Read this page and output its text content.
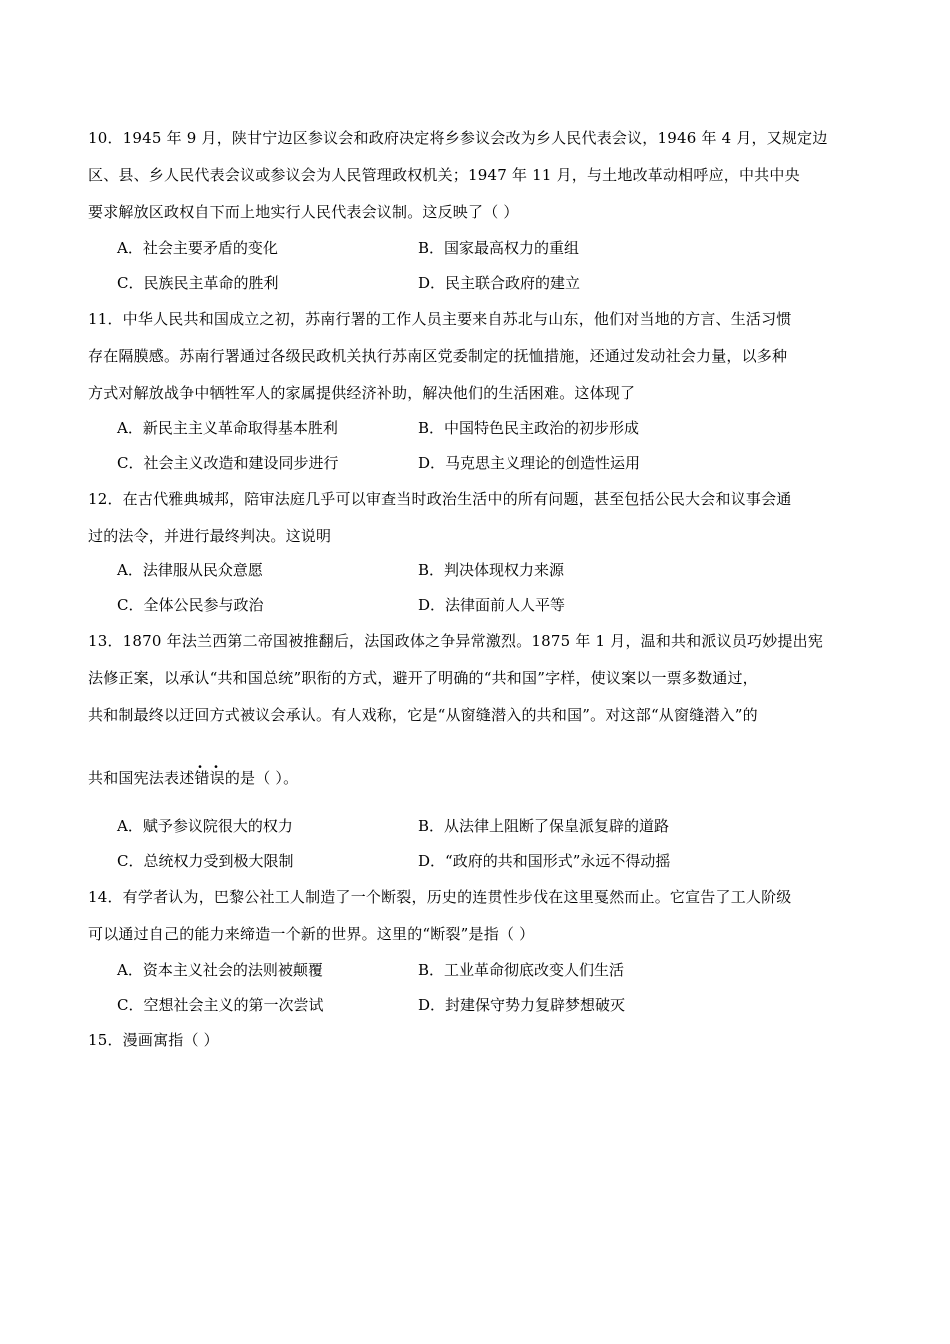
10．1945 年 9 月，陕甘宁边区参议会和政府决定将乡参议会改为乡人民代表会议，1946 年 4 月，又规定边
区、县、乡人民代表会议或参议会为人民管理政权机关；1947 年 11 月，与土地改革动相呼应，中共中央
要求解放区政权自下而上地实行人民代表会议制。这反映了（ ）
A．社会主要矛盾的变化	B．国家最高权力的重组
C．民族民主革命的胜利	D．民主联合政府的建立
11．中华人民共和国成立之初，苏南行署的工作人员主要来自苏北与山东，他们对当地的方言、生活习惯
存在隔膜感。苏南行署通过各级民政机关执行苏南区党委制定的抚恤措施，还通过发动社会力量，以多种
方式对解放战争中牺牲军人的家属提供经济补助，解决他们的生活困难。这体现了
A．新民主主义革命取得基本胜利	B．中国特色民主政治的初步形成
C．社会主义改造和建设同步进行	D．马克思主义理论的创造性运用
12．在古代雅典城邦，陪审法庭几乎可以审查当时政治生活中的所有问题，甚至包括公民大会和议事会通
过的法令，并进行最终判决。这说明
A．法律服从民众意愿	B．判决体现权力来源
C．全体公民参与政治	D．法律面前人人平等
13．1870 年法兰西第二帝国被推翻后，法国政体之争异常激烈。1875 年 1 月，温和共和派议员巧妙提出宪
法修正案，以承认“共和国总统”职衔的方式，避开了明确的“共和国”字样，使议案以一票多数通过，
共和制最终以迂回方式被议会承认。有人戏称，它是“从窗缝潜入的共和国”。对这部“从窗缝潜入”的
共和国宪法表述错误的是（ ）。
A．赋予参议院很大的权力	B．从法律上阻断了保皇派复辟的道路
C．总统权力受到极大限制	D．“政府的共和国形式”永远不得动摇
14．有学者认为，巴黎公社工人制造了一个断裂，历史的连贯性步伐在这里戛然而止。它宣告了工人阶级
可以通过自己的能力来缔造一个新的世界。这里的“断裂”是指（ ）
A．资本主义社会的法则被颠覆	B．工业革命彻底改变人们生活
C．空想社会主义的第一次尝试	D．封建保守势力复辟梦想破灭
15．漫画寓指（ ）
